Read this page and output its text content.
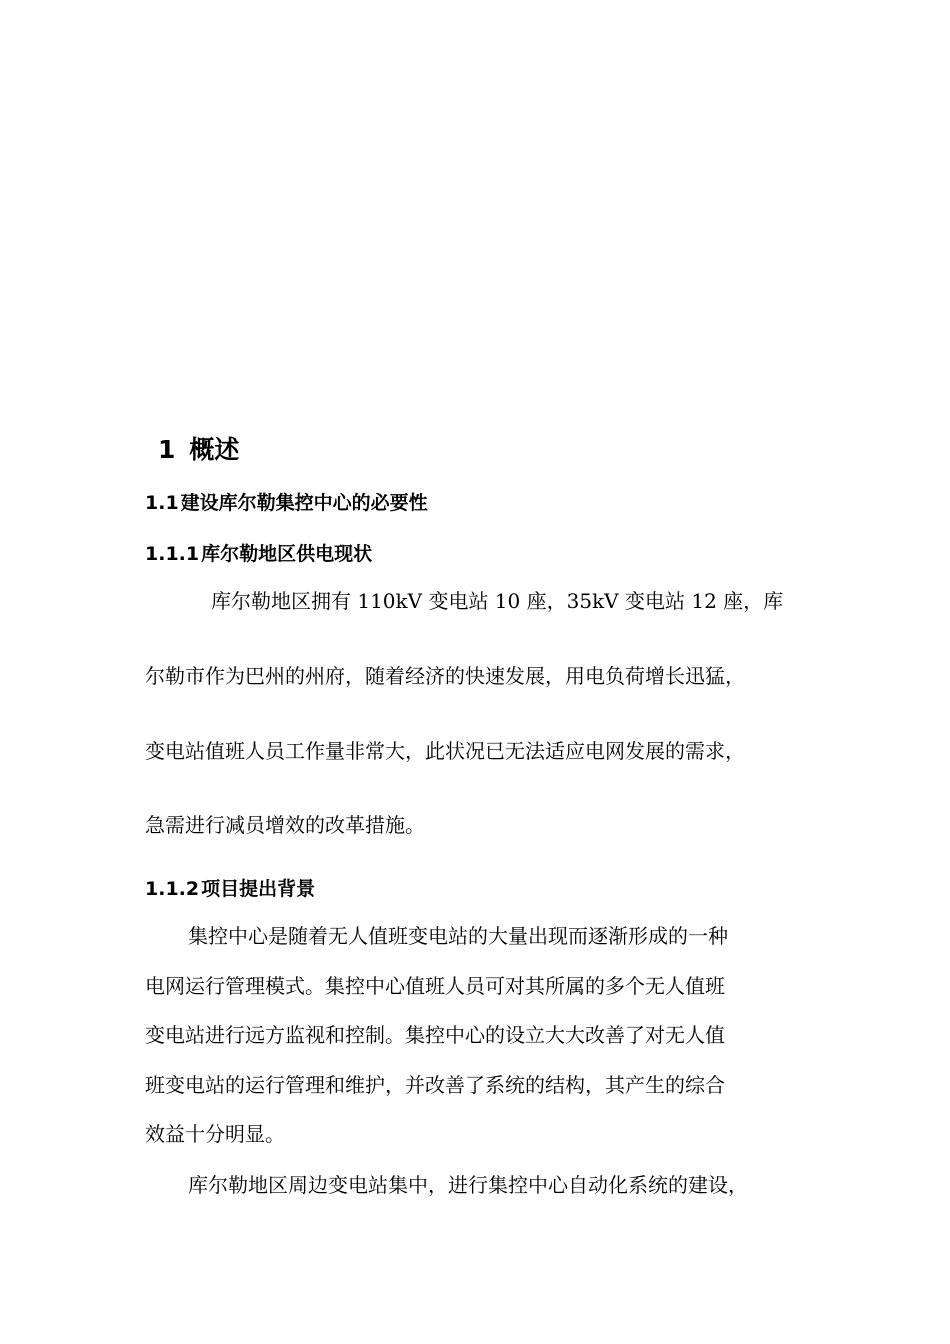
1 概述
1.1 建设库尔勒集控中心的必要性
1.1.1 库尔勒地区供电现状
库尔勒地区拥有 110kV 变电站 10 座，35kV 变电站 12 座，库
尔勒市作为巴州的州府，随着经济的快速发展，用电负荷增长迅猛，
变电站值班人员工作量非常大，此状况已无法适应电网发展的需求，
急需进行减员增效的改革措施。
1.1.2 项目提出背景
集控中心是随着无人值班变电站的大量出现而逐渐形成的一种
电网运行管理模式。集控中心值班人员可对其所属的多个无人值班
变电站进行远方监视和控制。集控中心的设立大大改善了对无人值
班变电站的运行管理和维护，并改善了系统的结构，其产生的综合
效益十分明显。
库尔勒地区周边变电站集中，进行集控中心自动化系统的建设，
